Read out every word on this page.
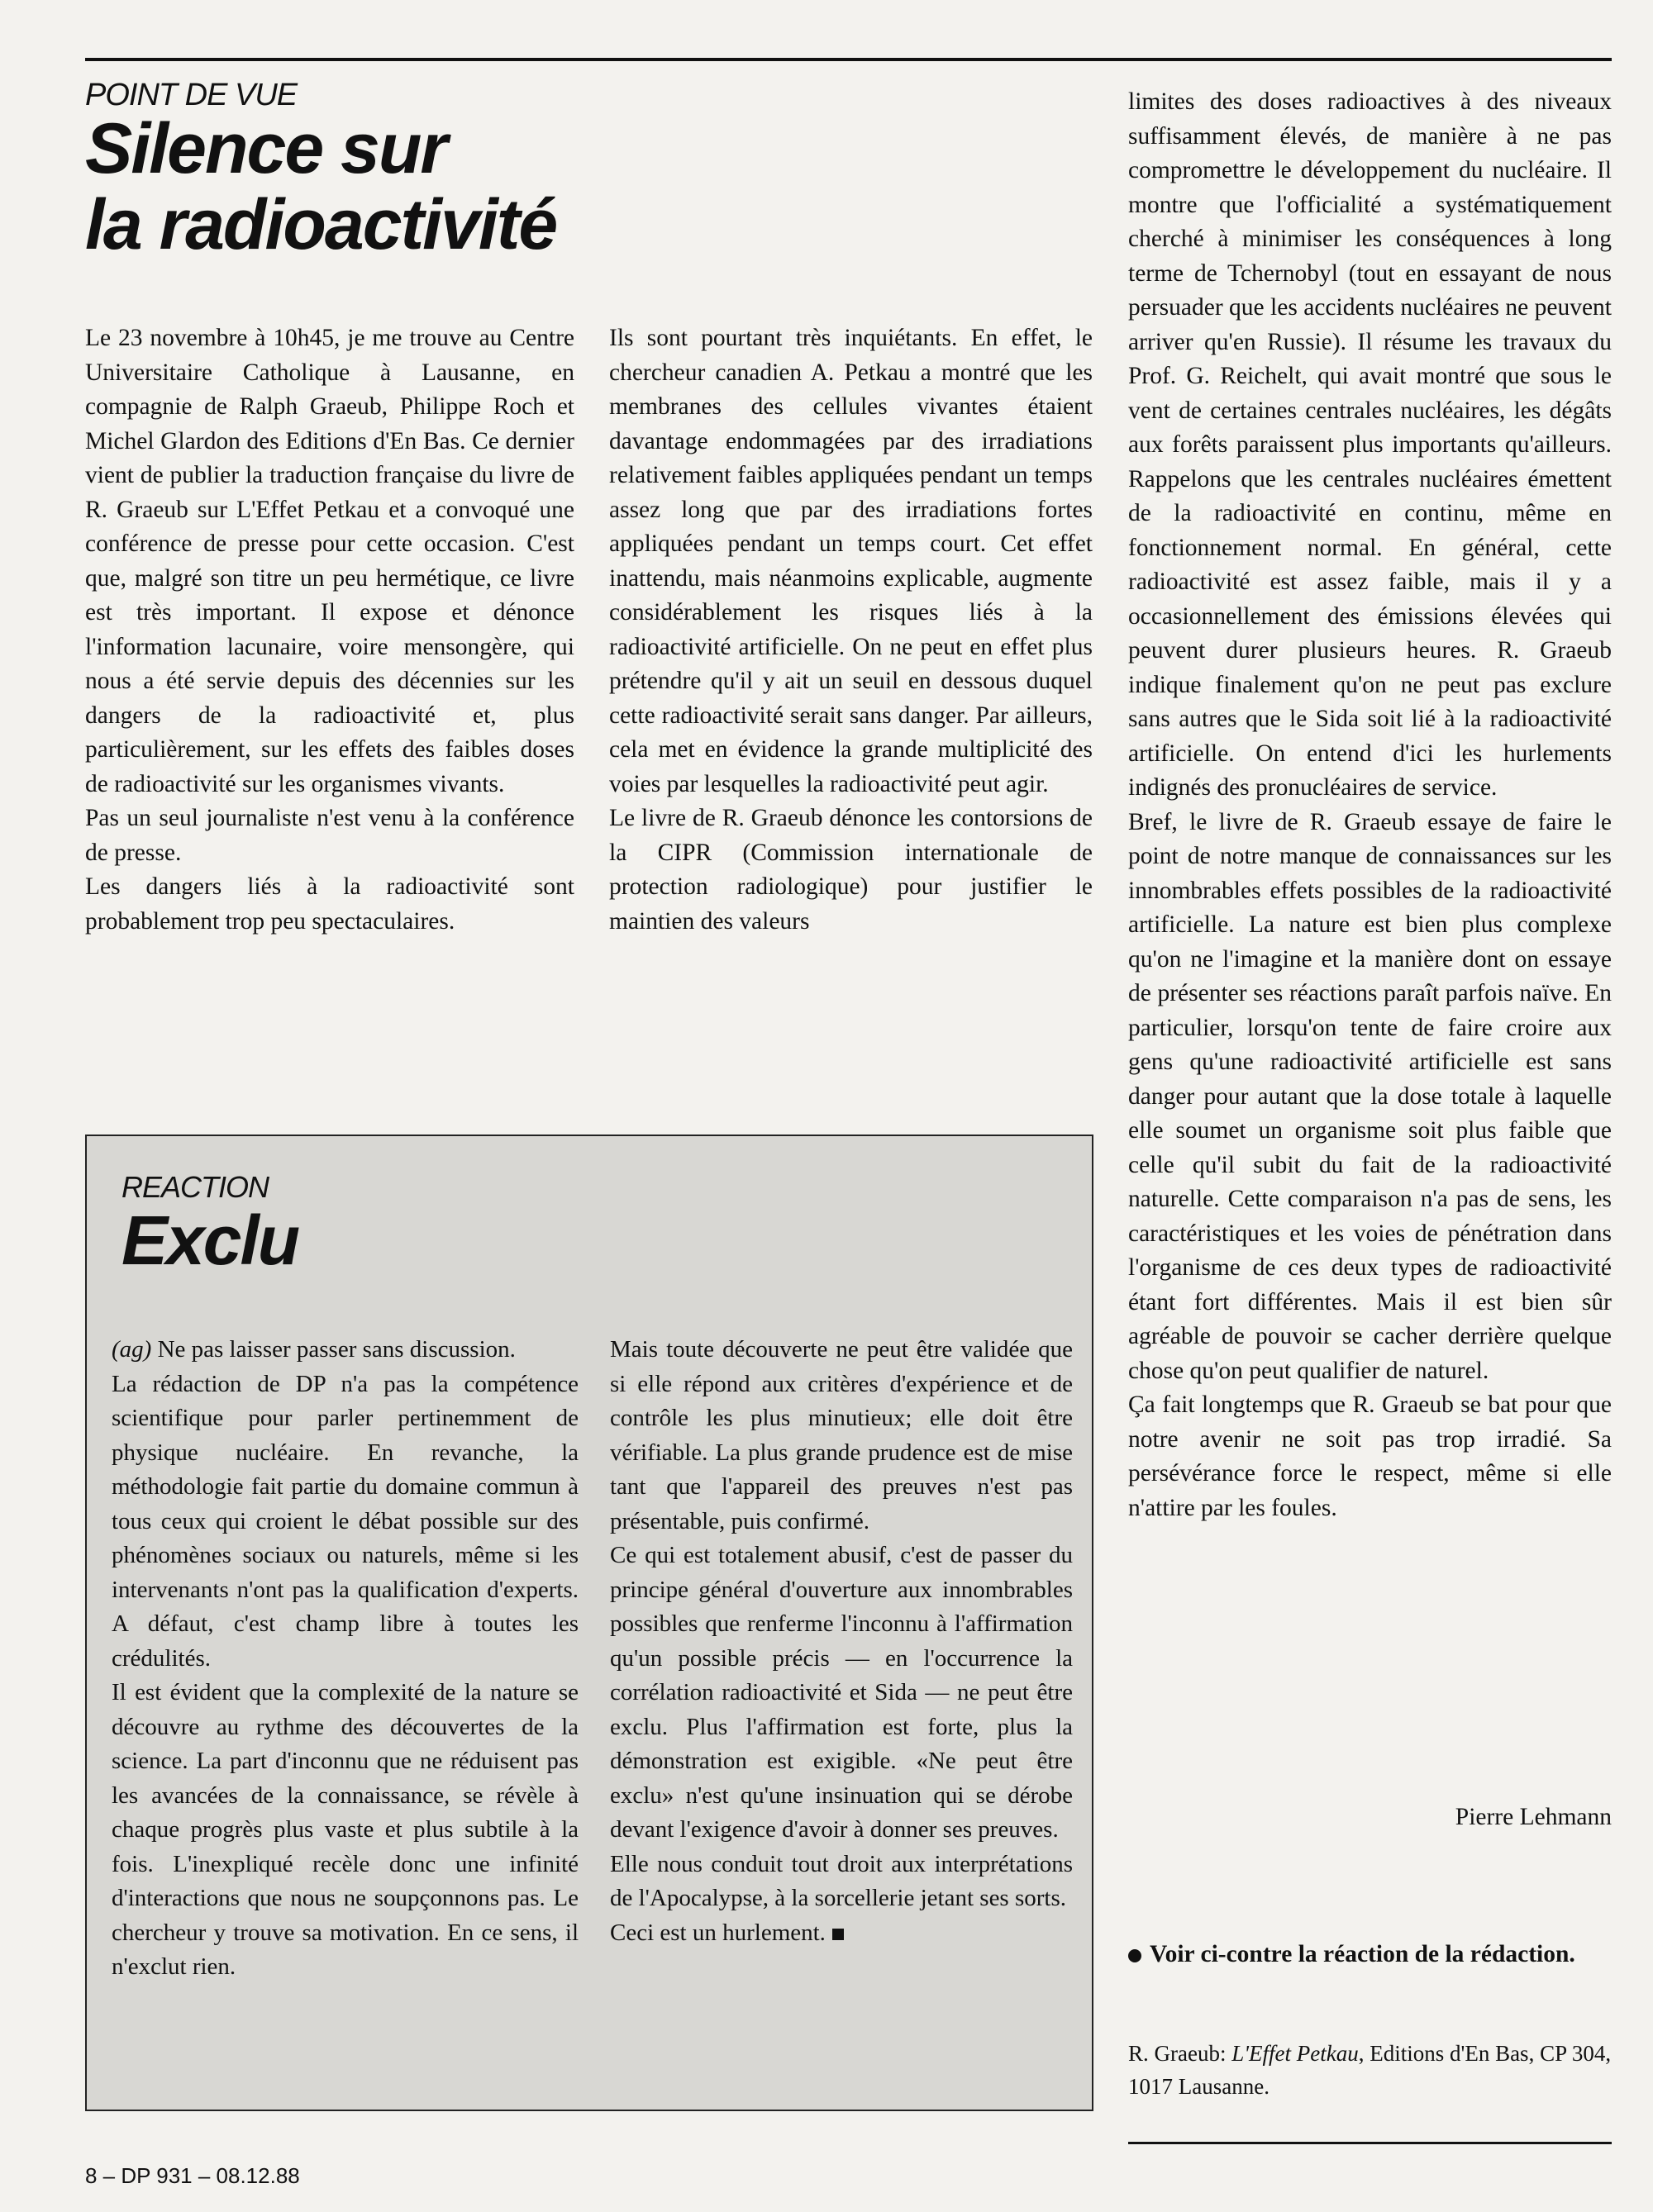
POINT DE VUE

Silence sur
la radioactivité

Le 23 novembre à 10h45, je me trouve au Centre Universitaire Catholique à Lausanne, en compagnie de Ralph Graeub, Philippe Roch et Michel Glardon des Editions d'En Bas. Ce dernier vient de publier la traduction française du livre de R. Graeub sur L'Effet Petkau et a convoqué une conférence de presse pour cette occasion. C'est que, malgré son titre un peu hermétique, ce livre est très important. Il expose et dénonce l'information lacunaire, voire mensongère, qui nous a été servie depuis des décennies sur les dangers de la radioactivité et, plus particulièrement, sur les effets des faibles doses de radioactivité sur les organismes vivants.

Pas un seul journaliste n'est venu à la conférence de presse.

Les dangers liés à la radioactivité sont probablement trop peu spectaculaires.

Ils sont pourtant très inquiétants. En effet, le chercheur canadien A. Petkau a montré que les membranes des cellules vivantes étaient davantage endommagées par des irradiations relativement faibles appliquées pendant un temps assez long que par des irradiations fortes appliquées pendant un temps court. Cet effet inattendu, mais néanmoins explicable, augmente considérablement les risques liés à la radioactivité artificielle. On ne peut en effet plus prétendre qu'il y ait un seuil en dessous duquel cette radioactivité serait sans danger. Par ailleurs, cela met en évidence la grande multiplicité des voies par lesquelles la radioactivité peut agir.

Le livre de R. Graeub dénonce les contorsions de la CIPR (Commission internationale de protection radiologique) pour justifier le maintien des valeurs

limites des doses radioactives à des niveaux suffisamment élevés, de manière à ne pas compromettre le développement du nucléaire. Il montre que l'officialité a systématiquement cherché à minimiser les conséquences à long terme de Tchernobyl (tout en essayant de nous persuader que les accidents nucléaires ne peuvent arriver qu'en Russie). Il résume les travaux du Prof. G. Reichelt, qui avait montré que sous le vent de certaines centrales nucléaires, les dégâts aux forêts paraissent plus importants qu'ailleurs. Rappelons que les centrales nucléaires émettent de la radioactivité en continu, même en fonctionnement normal. En général, cette radioactivité est assez faible, mais il y a occasionnellement des émissions élevées qui peuvent durer plusieurs heures. R. Graeub indique finalement qu'on ne peut pas exclure sans autres que le Sida soit lié à la radioactivité artificielle. On entend d'ici les hurlements indignés des pronucléaires de service.

Bref, le livre de R. Graeub essaye de faire le point de notre manque de connaissances sur les innombrables effets possibles de la radioactivité artificielle. La nature est bien plus complexe qu'on ne l'imagine et la manière dont on essaye de présenter ses réactions paraît parfois naïve. En particulier, lorsqu'on tente de faire croire aux gens qu'une radioactivité artificielle est sans danger pour autant que la dose totale à laquelle elle soumet un organisme soit plus faible que celle qu'il subit du fait de la radioactivité naturelle. Cette comparaison n'a pas de sens, les caractéristiques et les voies de pénétration dans l'organisme de ces deux types de radioactivité étant fort différentes. Mais il est bien sûr agréable de pouvoir se cacher derrière quelque chose qu'on peut qualifier de naturel.

Ça fait longtemps que R. Graeub se bat pour que notre avenir ne soit pas trop irradié. Sa persévérance force le respect, même si elle n'attire par les foules.

Pierre Lehmann

Voir ci-contre la réaction de la rédaction.

R. Graeub: L'Effet Petkau, Editions d'En Bas, CP 304, 1017 Lausanne.

REACTION

Exclu

(ag) Ne pas laisser passer sans discussion.

La rédaction de DP n'a pas la compétence scientifique pour parler pertinemment de physique nucléaire. En revanche, la méthodologie fait partie du domaine commun à tous ceux qui croient le débat possible sur des phénomènes sociaux ou naturels, même si les intervenants n'ont pas la qualification d'experts. A défaut, c'est champ libre à toutes les crédulités.

Il est évident que la complexité de la nature se découvre au rythme des découvertes de la science. La part d'inconnu que ne réduisent pas les avancées de la connaissance, se révèle à chaque progrès plus vaste et plus subtile à la fois. L'inexpliqué recèle donc une infinité d'interactions que nous ne soupçonnons pas. Le chercheur y trouve sa motivation. En ce sens, il n'exclut rien.

Mais toute découverte ne peut être validée que si elle répond aux critères d'expérience et de contrôle les plus minutieux; elle doit être vérifiable. La plus grande prudence est de mise tant que l'appareil des preuves n'est pas présentable, puis confirmé.

Ce qui est totalement abusif, c'est de passer du principe général d'ouverture aux innombrables possibles que renferme l'inconnu à l'affirmation qu'un possible précis — en l'occurrence la corrélation radioactivité et Sida — ne peut être exclu. Plus l'affirmation est forte, plus la démonstration est exigible. «Ne peut être exclu» n'est qu'une insinuation qui se dérobe devant l'exigence d'avoir à donner ses preuves.

Elle nous conduit tout droit aux interprétations de l'Apocalypse, à la sorcellerie jetant ses sorts.

Ceci est un hurlement.

8 – DP 931 – 08.12.88
